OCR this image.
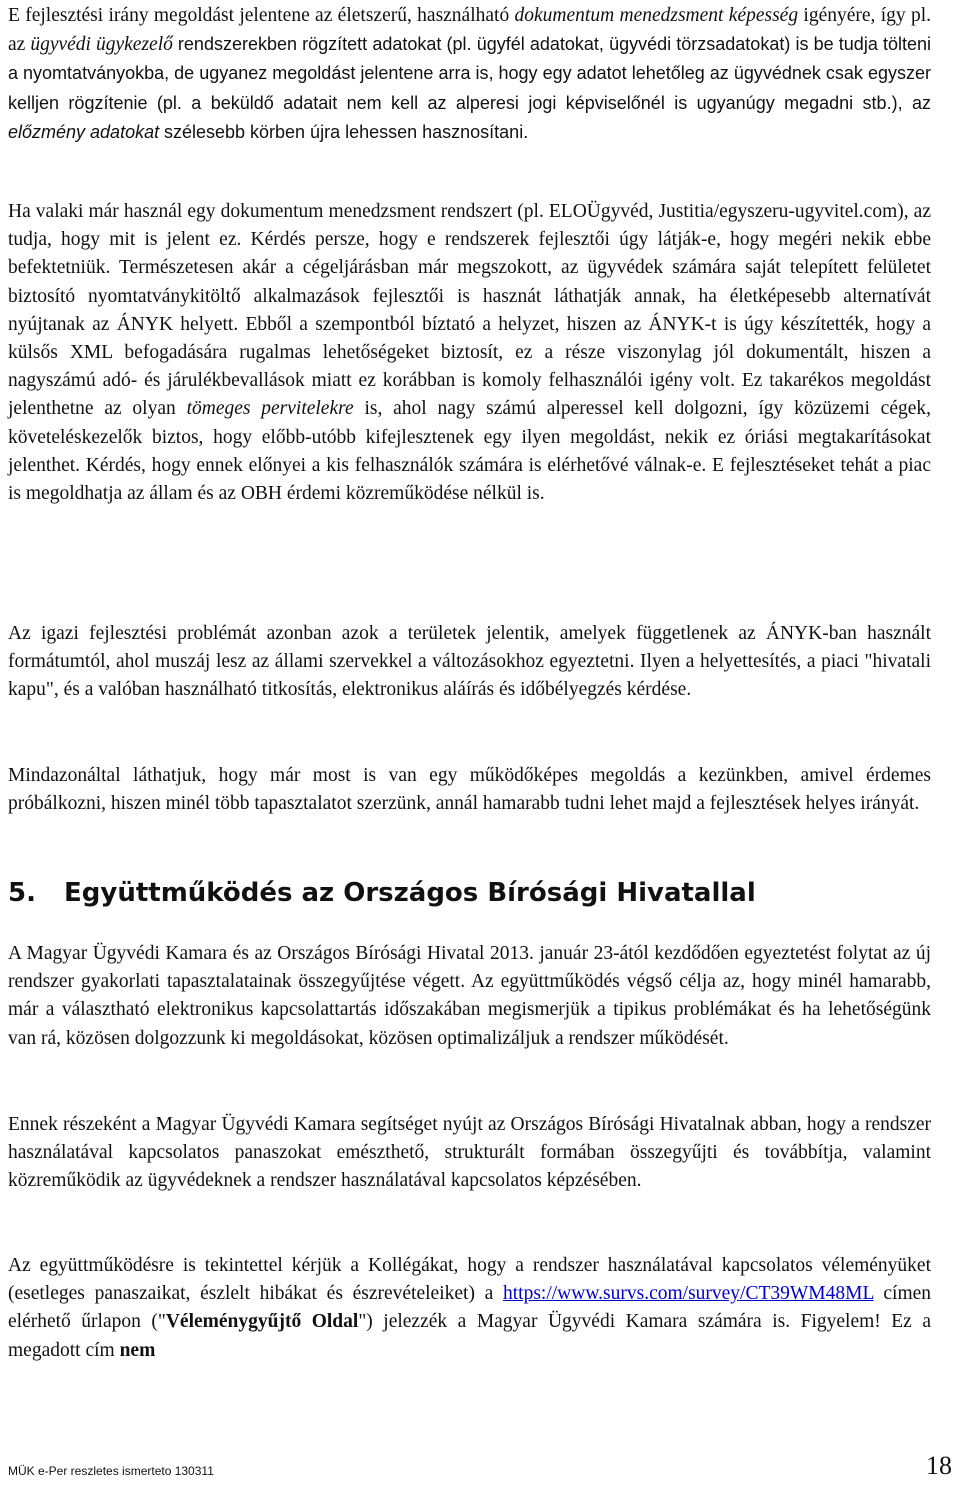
E fejlesztési irány megoldást jelentene az életszerű, használható dokumentum menedzsment képesség igényére, így pl. az ügyvédi ügykezelő rendszerekben rögzített adatokat (pl. ügyfél adatokat, ügyvédi törzsadatokat) is be tudja tölteni a nyomtatványokba, de ugyanez megoldást jelentene arra is, hogy egy adatot lehetőleg az ügyvédnek csak egyszer kelljen rögzítenie (pl. a beküldő adatait nem kell az alperesi jogi képviselőnél is ugyanúgy megadni stb.), az előzmény adatokat szélesebb körben újra lehessen hasznosítani.

Ha valaki már használ egy dokumentum menedzsment rendszert (pl. ELOÜgyvéd, Justitia/egyszeru-ugyvitel.com), az tudja, hogy mit is jelent ez. Kérdés persze, hogy e rendszerek fejlesztői úgy látják-e, hogy megéri nekik ebbe befektetniük. Természetesen akár a cégeljárásban már megszokott, az ügyvédek számára saját telepített felületet biztosító nyomtatványkitöltő alkalmazások fejlesztői is hasznát láthatják annak, ha életképesebb alternatívát nyújtanak az ÁNYK helyett. Ebből a szempontból bíztató a helyzet, hiszen az ÁNYK-t is úgy készítették, hogy a külsős XML befogadására rugalmas lehetőségeket biztosít, ez a része viszonylag jól dokumentált, hiszen a nagyszámú adó- és járulékbevallások miatt ez korábban is komoly felhasználói igény volt. Ez takarékos megoldást jelenthetne az olyan tömeges pervitelekre is, ahol nagy számú alperessel kell dolgozni, így közüzemi cégek, követeléskezelők biztos, hogy előbb-utóbb kifejlesztenek egy ilyen megoldást, nekik ez óriási megtakarításokat jelenthet. Kérdés, hogy ennek előnyei a kis felhasználók számára is elérhetővé válnak-e. E fejlesztéseket tehát a piac is megoldhatja az állam és az OBH érdemi közreműködése nélkül is.

Az igazi fejlesztési problémát azonban azok a területek jelentik, amelyek függetlenek az ÁNYK-ban használt formátumtól, ahol muszáj lesz az állami szervekkel a változásokhoz egyeztetni. Ilyen a helyettesítés, a piaci "hivatali kapu", és a valóban használható titkosítás, elektronikus aláírás és időbélyegzés kérdése.

Mindazonáltal láthatjuk, hogy már most is van egy működőképes megoldás a kezünkben, amivel érdemes próbálkozni, hiszen minél több tapasztalatot szerzünk, annál hamarabb tudni lehet majd a fejlesztések helyes irányát.

5. Együttműködés az Országos Bírósági Hivatallal

A Magyar Ügyvédi Kamara és az Országos Bírósági Hivatal 2013. január 23-ától kezdődően egyeztetést folytat az új rendszer gyakorlati tapasztalatainak összegyűjtése végett. Az együttműködés végső célja az, hogy minél hamarabb, már a választható elektronikus kapcsolattartás időszakában megismerjük a tipikus problémákat és ha lehetőségünk van rá, közösen dolgozzunk ki megoldásokat, közösen optimalizáljuk a rendszer működését.

Ennek részeként a Magyar Ügyvédi Kamara segítséget nyújt az Országos Bírósági Hivatalnak abban, hogy a rendszer használatával kapcsolatos panaszokat emészthető, strukturált formában összegyűjti és továbbítja, valamint közreműködik az ügyvédeknek a rendszer használatával kapcsolatos képzésében.

Az együttműködésre is tekintettel kérjük a Kollégákat, hogy a rendszer használatával kapcsolatos véleményüket (esetleges panaszaikat, észlelt hibákat és észrevételeiket) a https://www.survs.com/survey/CT39WM48ML címen elérhető űrlapon ("Véleménygyűjtő Oldal") jelezzék a Magyar Ügyvédi Kamara számára is. Figyelem! Ez a megadott cím nem

MÜK e-Per reszletes ismerteto 130311	18
